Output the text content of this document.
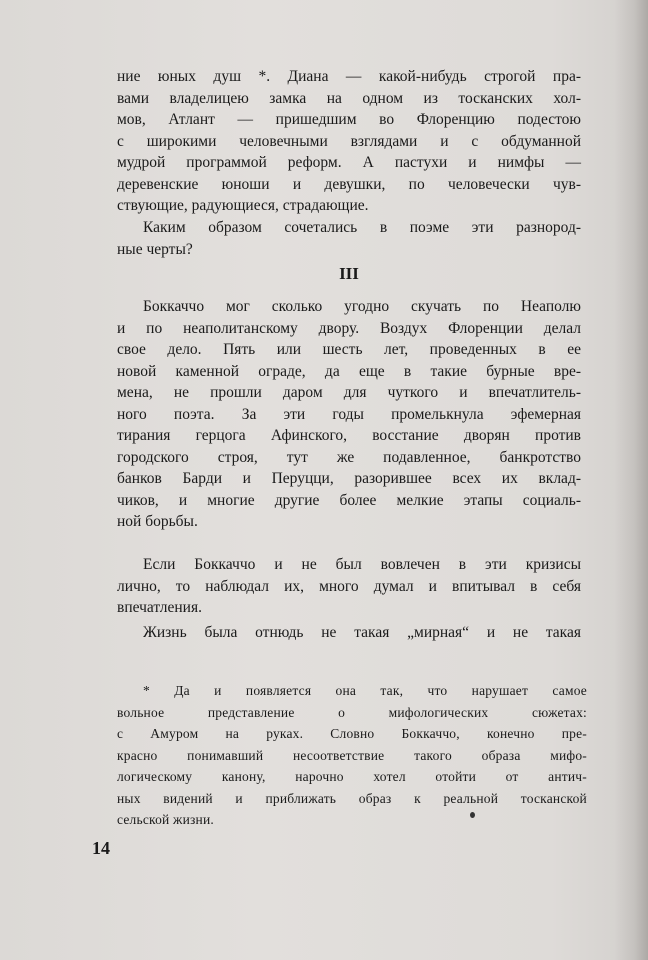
ние юных душ *. Диана — какой-нибудь строгой пра-
вами владелицею замка на одном из тосканских хол-
мов, Атлант — пришедшим во Флоренцию подестою
с широкими человечными взглядами и с обдуманной
мудрой программой реформ. А пастухи и нимфы —
деревенские юноши и девушки, по человечески чув-
ствующие, радующиеся, страдающие.
Каким образом сочетались в поэме эти разнород-
ные черты?
III
Боккаччо мог сколько угодно скучать по Неаполю
и по неаполитанскому двору. Воздух Флоренции делал
свое дело. Пять или шесть лет, проведенных в ее
новой каменной ограде, да еще в такие бурные вре-
мена, не прошли даром для чуткого и впечатлитель-
ного поэта. За эти годы промелькнула эфемерная
тирания герцога Афинского, восстание дворян против
городского строя, тут же подавленное, банкротство
банков Барди и Перуцци, разорившее всех их вклад-
чиков, и многие другие более мелкие этапы социаль-
ной борьбы.
Если Боккаччо и не был вовлечен в эти кризисы
лично, то наблюдал их, много думал и впитывал в себя
впечатления.
Жизнь была отнюдь не такая „мирная“ и не такая
* Да и появляется она так, что нарушает самое
вольное представление о мифологических сюжетах:
с Амуром на руках. Словно Боккаччо, конечно пре-
красно понимавший несоответствие такого образа мифо-
логическому канону, нарочно хотел отойти от антич-
ных видений и приближать образ к реальной тосканской
сельской жизни.
14
